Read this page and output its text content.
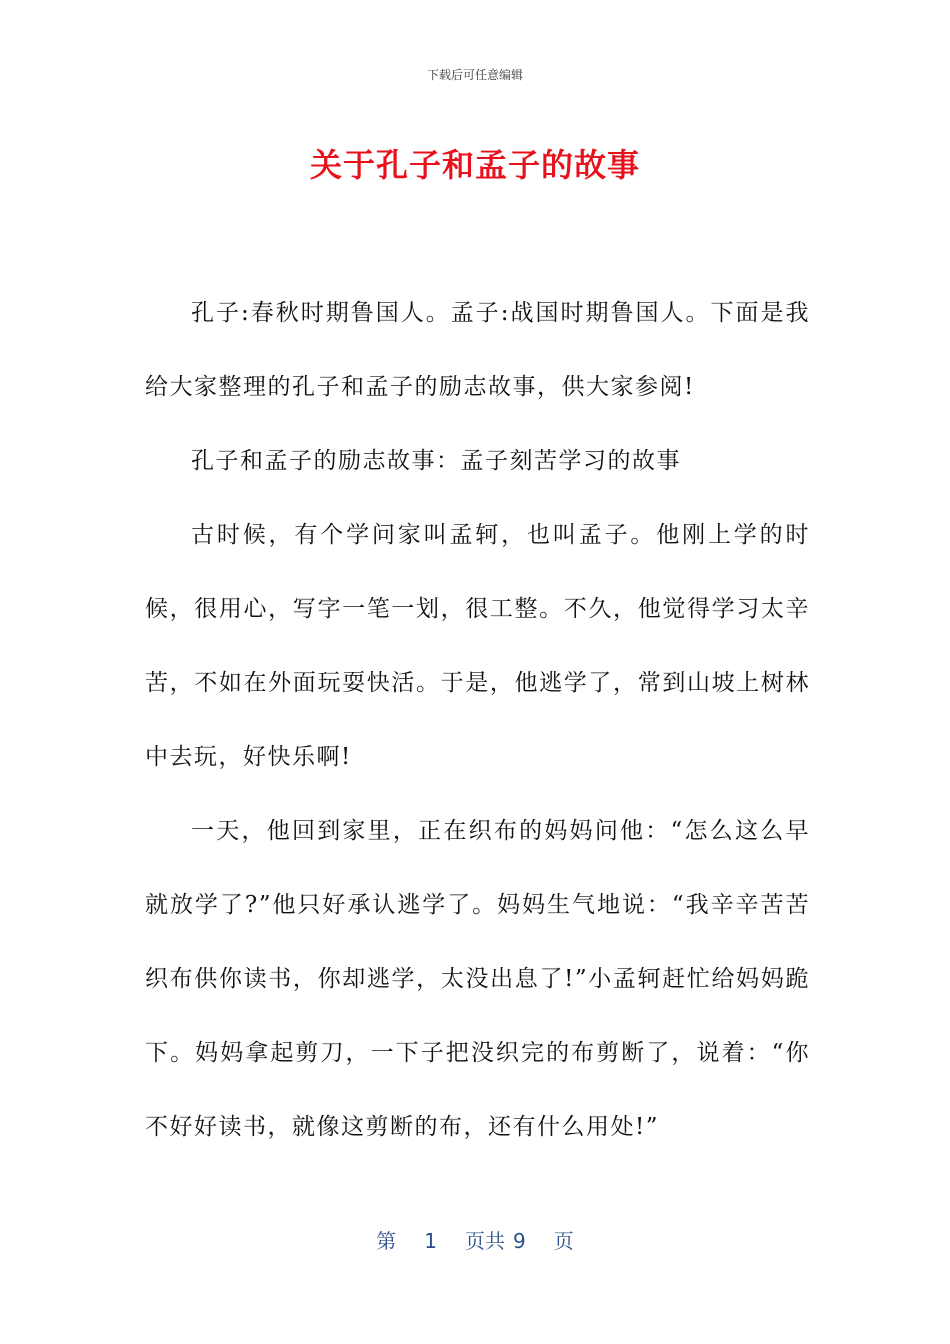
下载后可任意编辑
关于孔子和孟子的故事

孔子:春秋时期鲁国人。孟子:战国时期鲁国人。下面是我给大家整理的孔子和孟子的励志故事，供大家参阅!

孔子和孟子的励志故事：孟子刻苦学习的故事

古时候，有个学问家叫孟轲，也叫孟子。他刚上学的时候，很用心，写字一笔一划，很工整。不久，他觉得学习太辛苦，不如在外面玩耍快活。于是，他逃学了，常到山坡上树林中去玩，好快乐啊!

一天，他回到家里，正在织布的妈妈问他：“怎么这么早就放学了?”他只好承认逃学了。妈妈生气地说：“我辛辛苦苦织布供你读书，你却逃学，太没出息了!”小孟轲赶忙给妈妈跪下。妈妈拿起剪刀，一下子把没织完的布剪断了，说着：“你不好好读书，就像这剪断的布，还有什么用处!”

第 1 页共 9 页
